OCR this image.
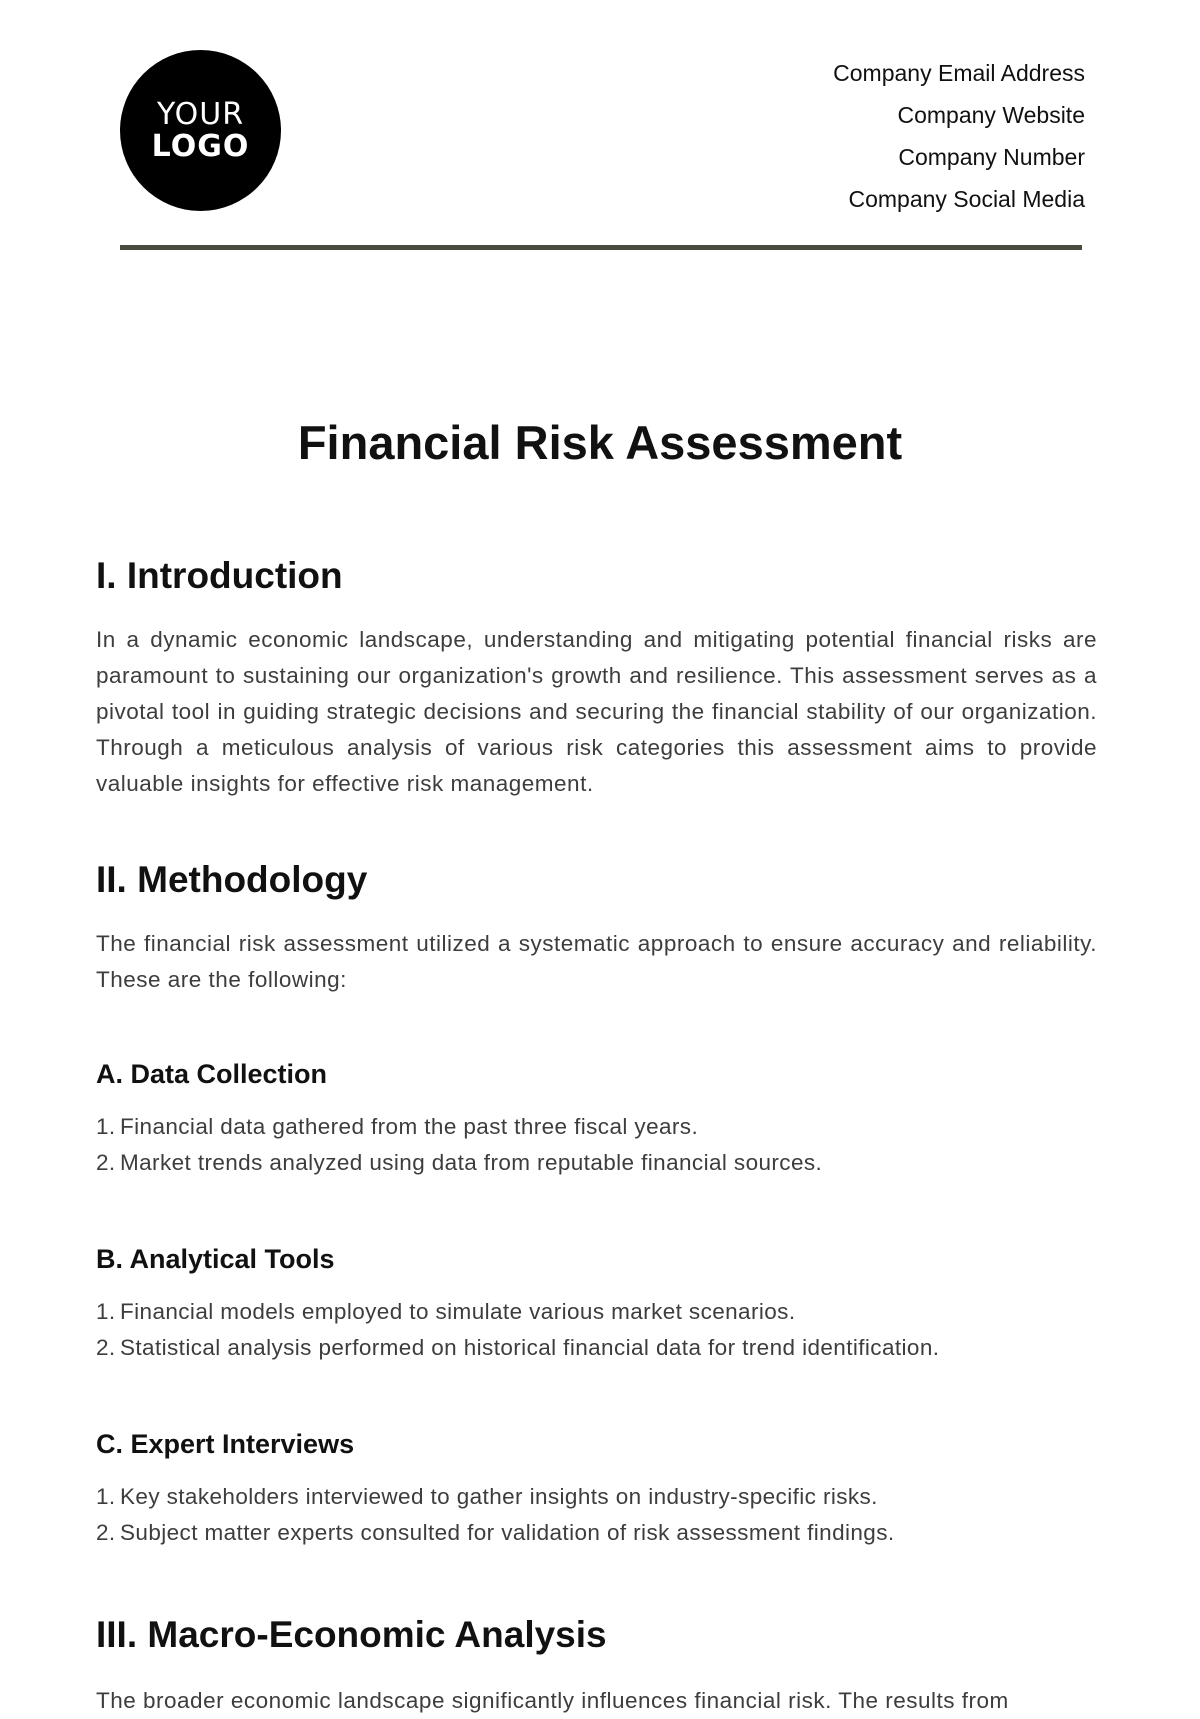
YOUR
LOGO
Company Email Address
Company Website
Company Number
Company Social Media
Financial Risk Assessment
I. Introduction

In a dynamic economic landscape, understanding and mitigating potential financial risks are paramount to sustaining our organization's growth and resilience. This assessment serves as a pivotal tool in guiding strategic decisions and securing the financial stability of our organization. Through a meticulous analysis of various risk categories this assessment aims to provide valuable insights for effective risk management.

II. Methodology

The financial risk assessment utilized a systematic approach to ensure accuracy and reliability. These are the following:

A. Data Collection
1. Financial data gathered from the past three fiscal years.
2. Market trends analyzed using data from reputable financial sources.
B. Analytical Tools
1. Financial models employed to simulate various market scenarios.
2. Statistical analysis performed on historical financial data for trend identification.
C. Expert Interviews
1. Key stakeholders interviewed to gather insights on industry-specific risks.
2. Subject matter experts consulted for validation of risk assessment findings.
III. Macro-Economic Analysis

The broader economic landscape significantly influences financial risk. The results from
